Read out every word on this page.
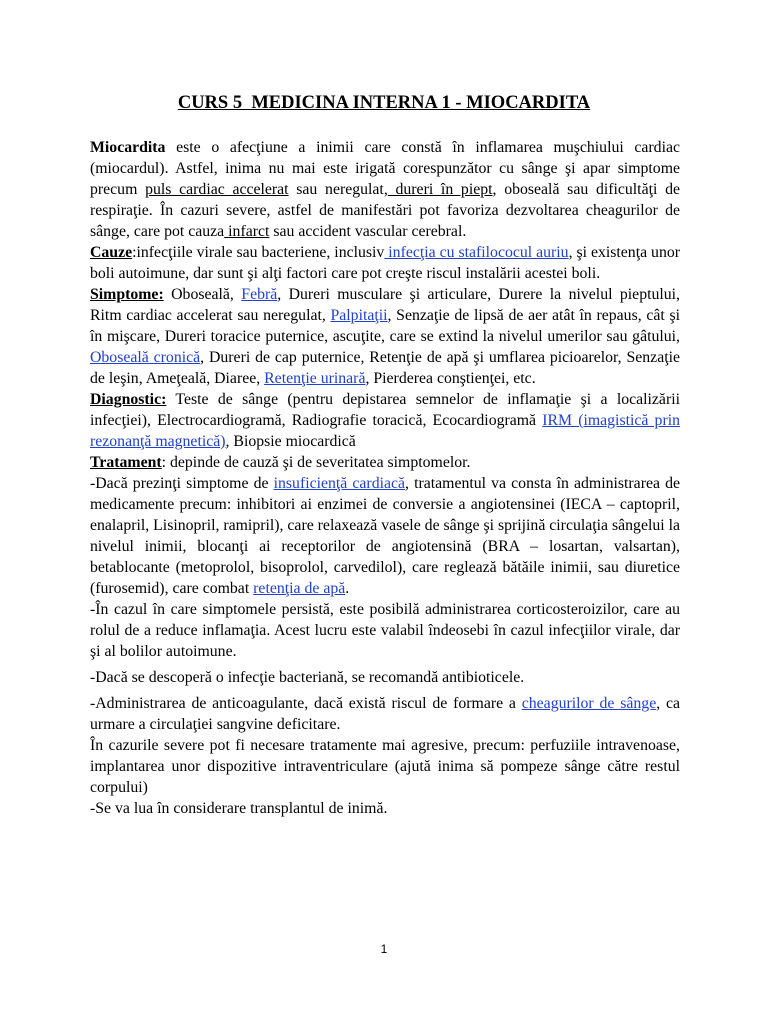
CURS 5  MEDICINA INTERNA 1 - MIOCARDITA

Miocardita este o afecţiune a inimii care constă în inflamarea muşchiului cardiac (miocardul). Astfel, inima nu mai este irigată corespunzător cu sânge şi apar simptome precum puls cardiac accelerat sau neregulat, dureri în piept, oboseală sau dificultăţi de respiraţie. În cazuri severe, astfel de manifestări pot favoriza dezvoltarea cheagurilor de sânge, care pot cauza infarct sau accident vascular cerebral.

Cauze:infecţiile virale sau bacteriene, inclusiv infecţia cu stafilococul auriu, şi existenţa unor boli autoimune, dar sunt şi alţi factori care pot creşte riscul instalării acestei boli.

Simptome: Oboseală, Febră, Dureri musculare şi articulare, Durere la nivelul pieptului, Ritm cardiac accelerat sau neregulat, Palpitaţii, Senzaţie de lipsă de aer atât în repaus, cât şi în mişcare, Dureri toracice puternice, ascuţite, care se extind la nivelul umerilor sau gâtului, Oboseală cronică, Dureri de cap puternice, Retenţie de apă şi umflarea picioarelor, Senzaţie de leşin, Ameţeală, Diaree, Retenţie urinară, Pierderea conştienţei, etc.

Diagnostic: Teste de sânge (pentru depistarea semnelor de inflamaţie şi a localizării infecţiei), Electrocardiogramă, Radiografie toracică, Ecocardiogramă IRM (imagistică prin rezonanţă magnetică), Biopsie miocardică

Tratament: depinde de cauză şi de severitatea simptomelor.

-Dacă prezinţi simptome de insuficienţă cardiacă, tratamentul va consta în administrarea de medicamente precum: inhibitori ai enzimei de conversie a angiotensinei (IECA – captopril, enalapril, Lisinopril, ramipril), care relaxează vasele de sânge şi sprijină circulaţia sângelui la nivelul inimii, blocanţi ai receptorilor de angiotensină (BRA – losartan, valsartan), betablocante (metoprolol, bisoprolol, carvedilol), care reglează bătăile inimii, sau diuretice (furosemid), care combat retenţia de apă.

-În cazul în care simptomele persistă, este posibilă administrarea corticosteroizilor, care au rolul de a reduce inflamaţia. Acest lucru este valabil îndeosebi în cazul infecţiilor virale, dar şi al bolilor autoimune.

-Dacă se descoperă o infecţie bacteriană, se recomandă antibioticele.

-Administrarea de anticoagulante, dacă există riscul de formare a cheagurilor de sânge, ca urmare a circulaţiei sangvine deficitare.

În cazurile severe pot fi necesare tratamente mai agresive, precum: perfuziile intravenoase, implantarea unor dispozitive intraventriculare (ajută inima să pompeze sânge către restul corpului)

-Se va lua în considerare transplantul de inimă.

1
